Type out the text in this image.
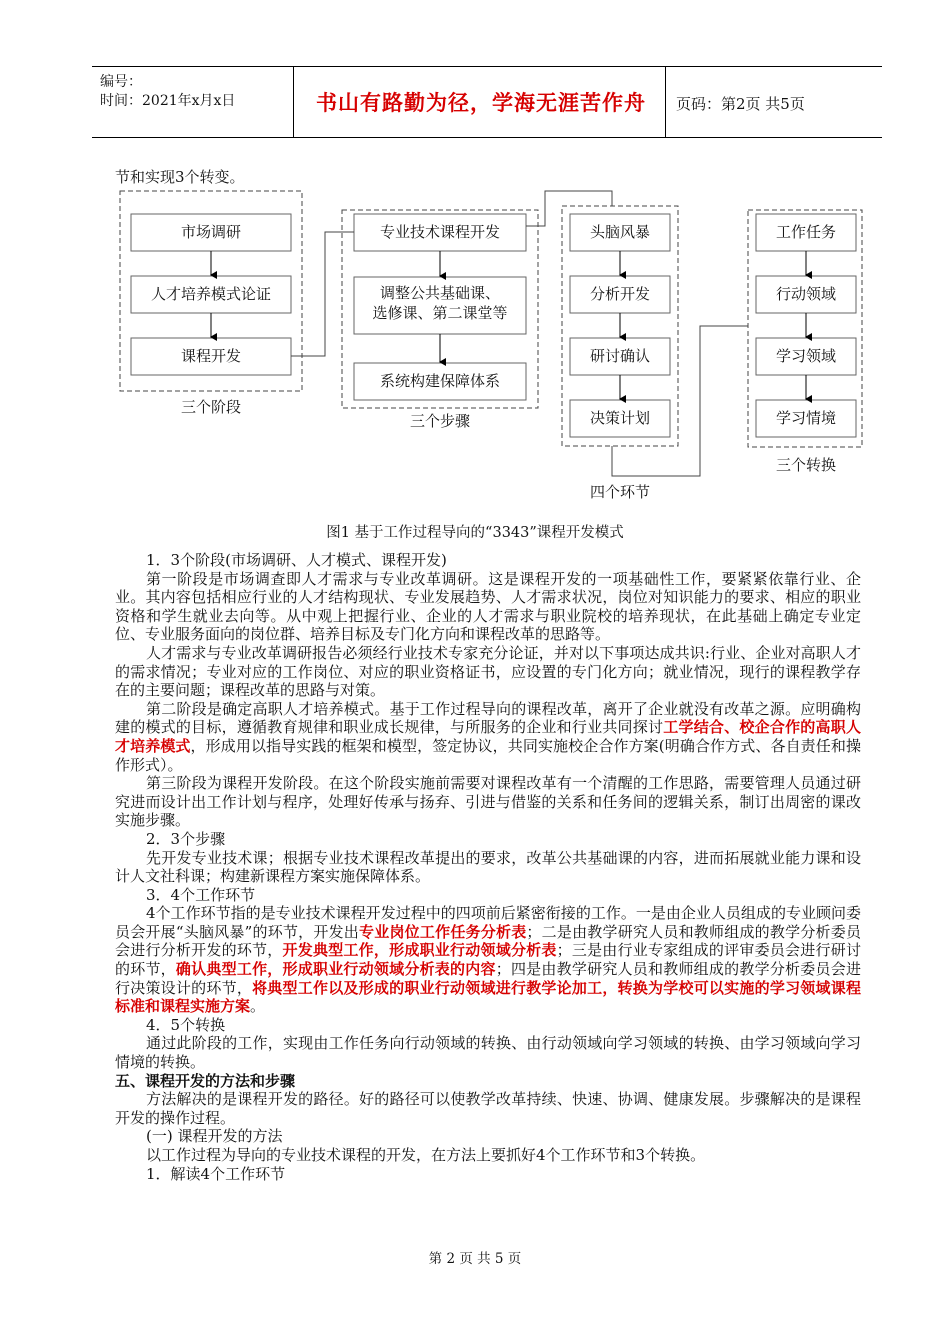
编号：
时间：2021年x月x日	书山有路勤为径，学海无涯苦作舟	页码：第2页 共5页
节和实现3个转变。
市场调研
人才培养模式论证
课程开发
三个阶段
专业技术课程开发
调整公共基础课、
选修课、第二课堂等
系统构建保障体系
三个步骤
头脑风暴
分析开发
研讨确认
决策计划
四个环节
工作任务
行动领域
学习领域
学习情境
三个转换
图1 基于工作过程导向的“3343”课程开发模式

1．3个阶段(市场调研、人才模式、课程开发)

第一阶段是市场调查即人才需求与专业改革调研。这是课程开发的一项基础性工作，要紧紧依靠行业、企业。其内容包括相应行业的人才结构现状、专业发展趋势、人才需求状况，岗位对知识能力的要求、相应的职业资格和学生就业去向等。从中观上把握行业、企业的人才需求与职业院校的培养现状，在此基础上确定专业定位、专业服务面向的岗位群、培养目标及专门化方向和课程改革的思路等。

人才需求与专业改革调研报告必须经行业技术专家充分论证，并对以下事项达成共识:行业、企业对高职人才的需求情况；专业对应的工作岗位、对应的职业资格证书，应设置的专门化方向；就业情况，现行的课程教学存在的主要问题；课程改革的思路与对策。

第二阶段是确定高职人才培养模式。基于工作过程导向的课程改革，离开了企业就没有改革之源。应明确构建的模式的目标，遵循教育规律和职业成长规律，与所服务的企业和行业共同探讨工学结合、校企合作的高职人才培养模式，形成用以指导实践的框架和模型，签定协议，共同实施校企合作方案(明确合作方式、各自责任和操作形式）。

第三阶段为课程开发阶段。在这个阶段实施前需要对课程改革有一个清醒的工作思路，需要管理人员通过研究进而设计出工作计划与程序，处理好传承与扬弃、引进与借鉴的关系和任务间的逻辑关系，制订出周密的课改实施步骤。

2．3个步骤

先开发专业技术课；根据专业技术课程改革提出的要求，改革公共基础课的内容，进而拓展就业能力课和设计人文社科课；构建新课程方案实施保障体系。

3．4个工作环节

4个工作环节指的是专业技术课程开发过程中的四项前后紧密衔接的工作。一是由企业人员组成的专业顾问委员会开展“头脑风暴”的环节，开发出专业岗位工作任务分析表；二是由教学研究人员和教师组成的教学分析委员会进行分析开发的环节，开发典型工作，形成职业行动领域分析表；三是由行业专家组成的评审委员会进行研讨的环节，确认典型工作，形成职业行动领域分析表的内容；四是由教学研究人员和教师组成的教学分析委员会进行决策设计的环节，将典型工作以及形成的职业行动领域进行教学论加工，转换为学校可以实施的学习领域课程标准和课程实施方案。

4．5个转换

通过此阶段的工作，实现由工作任务向行动领域的转换、由行动领域向学习领域的转换、由学习领域向学习情境的转换。

五、课程开发的方法和步骤

方法解决的是课程开发的路径。好的路径可以使教学改革持续、快速、协调、健康发展。步骤解决的是课程开发的操作过程。

(一) 课程开发的方法

以工作过程为导向的专业技术课程的开发，在方法上要抓好4个工作环节和3个转换。

1．解读4个工作环节

第 2 页 共 5 页
